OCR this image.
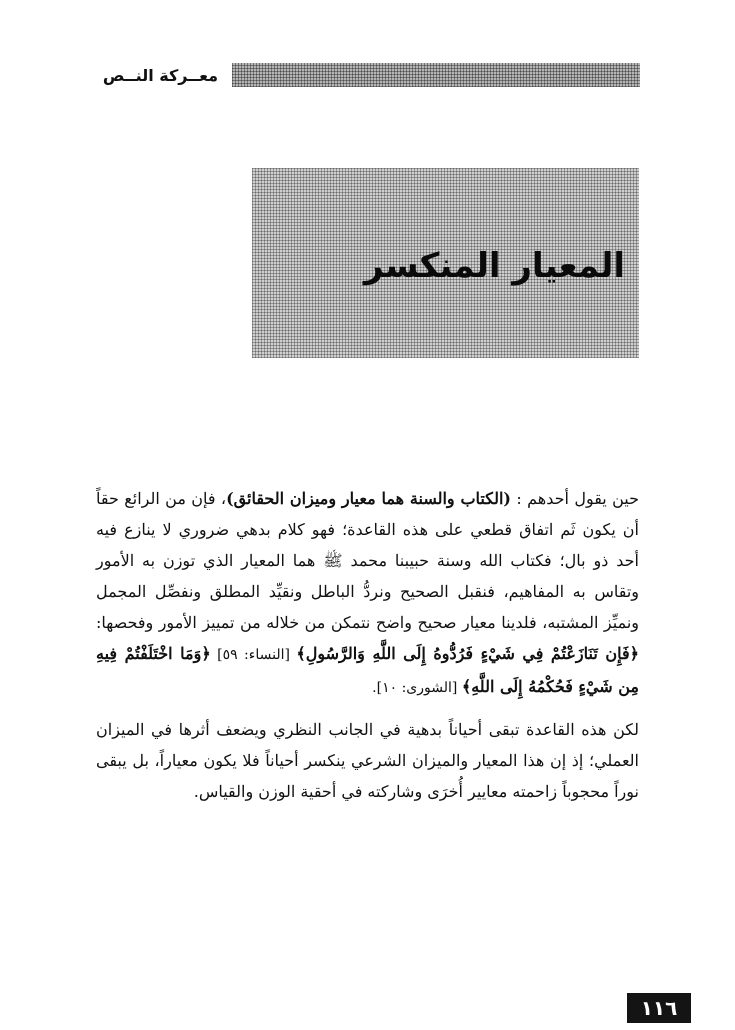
معــركة النــص
المعيار المنكسر

حين يقول أحدهم : (الكتاب والسنة هما معيار وميزان الحقائق)، فإن من الرائع حقاً أن يكون ثَم اتفاق قطعي على هذه القاعدة؛ فهو كلام بدهي ضروري لا ينازع فيه أحد ذو بال؛ فكتاب الله وسنة حبيبنا محمد ﷺ هما المعيار الذي توزن به الأمور وتقاس به المفاهيم، فنقبل الصحيح ونردُّ الباطل ونقيِّد المطلق ونفصِّل المجمل ونميِّز المشتبه، فلدينا معيار صحيح واضح نتمكن من خلاله من تمييز الأمور وفحصها: ﴿فَإِن تَنَازَعْتُمْ فِي شَيْءٍ فَرُدُّوهُ إِلَى اللَّهِ وَالرَّسُولِ﴾ [النساء: ٥٩] ﴿وَمَا اخْتَلَفْتُمْ فِيهِ مِن شَيْءٍ فَحُكْمُهُ إِلَى اللَّهِ﴾ [الشورى: ١٠].

لكن هذه القاعدة تبقى أحياناً بدهية في الجانب النظري ويضعف أثرها في الميزان العملي؛ إذ إن هذا المعيار والميزان الشرعي ينكسر أحياناً فلا يكون معياراً، بل يبقى نوراً محجوباً زاحمته معايير أُخرَى وشاركته في أحقية الوزن والقياس.

١١٦
